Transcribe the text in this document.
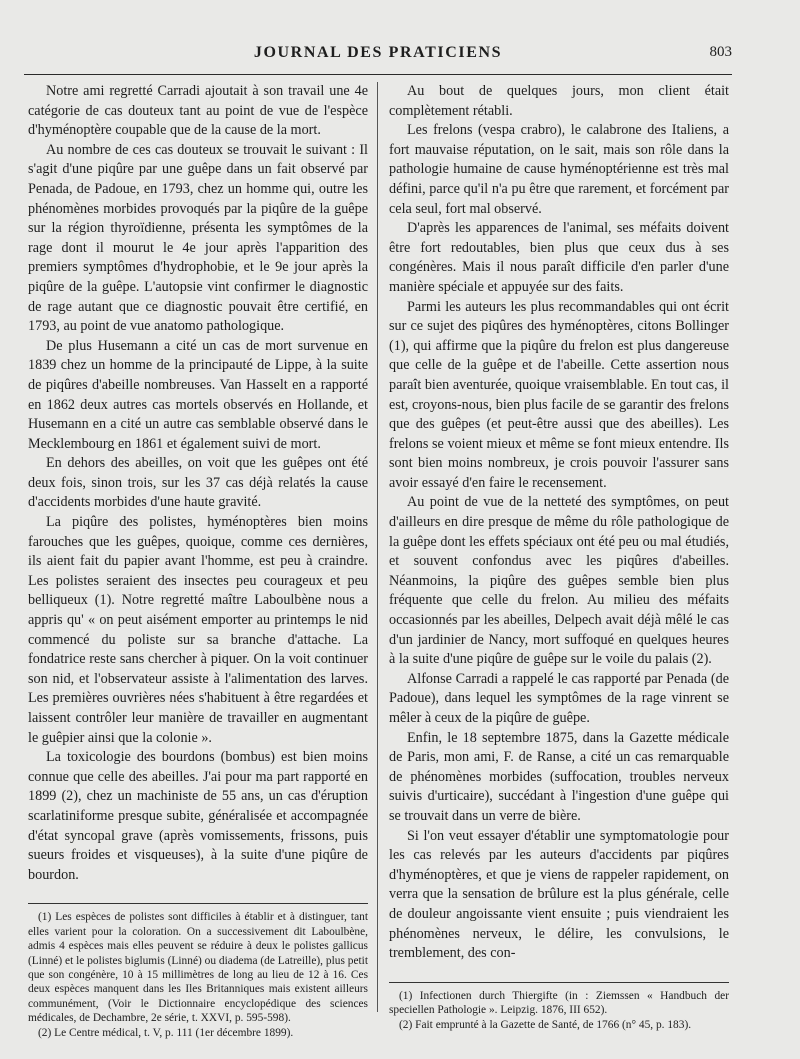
JOURNAL DES PRATICIENS	803

Notre ami regretté Carradi ajoutait à son travail une 4e catégorie de cas douteux tant au point de vue de l'espèce d'hyménoptère coupable que de la cause de la mort.

Au nombre de ces cas douteux se trouvait le suivant : Il s'agit d'une piqûre par une guêpe dans un fait observé par Penada, de Padoue, en 1793, chez un homme qui, outre les phénomènes morbides provoqués par la piqûre de la guêpe sur la région thyroïdienne, présenta les symptômes de la rage dont il mourut le 4e jour après l'apparition des premiers symptômes d'hydrophobie, et le 9e jour après la piqûre de la guêpe. L'autopsie vint confirmer le diagnostic de rage autant que ce diagnostic pouvait être certifié, en 1793, au point de vue anatomo pathologique.

De plus Husemann a cité un cas de mort survenue en 1839 chez un homme de la principauté de Lippe, à la suite de piqûres d'abeille nombreuses. Van Hasselt en a rapporté en 1862 deux autres cas mortels observés en Hollande, et Husemann en a cité un autre cas semblable observé dans le Mecklembourg en 1861 et également suivi de mort.

En dehors des abeilles, on voit que les guêpes ont été deux fois, sinon trois, sur les 37 cas déjà relatés la cause d'accidents morbides d'une haute gravité.

La piqûre des polistes, hyménoptères bien moins farouches que les guêpes, quoique, comme ces dernières, ils aient fait du papier avant l'homme, est peu à craindre. Les polistes seraient des insectes peu courageux et peu belliqueux (1). Notre regretté maître Laboulbène nous a appris qu' « on peut aisément emporter au printemps le nid commencé du poliste sur sa branche d'attache. La fondatrice reste sans chercher à piquer. On la voit continuer son nid, et l'observateur assiste à l'alimentation des larves. Les premières ouvrières nées s'habituent à être regardées et laissent contrôler leur manière de travailler en augmentant le guêpier ainsi que la colonie ».

La toxicologie des bourdons (bombus) est bien moins connue que celle des abeilles. J'ai pour ma part rapporté en 1899 (2), chez un machiniste de 55 ans, un cas d'éruption scarlatiniforme presque subite, généralisée et accompagnée d'état syncopal grave (après vomissements, frissons, puis sueurs froides et visqueuses), à la suite d'une piqûre de bourdon.

(1) Les espèces de polistes sont difficiles à établir et à distinguer, tant elles varient pour la coloration. On a successivement dit Laboulbène, admis 4 espèces mais elles peuvent se réduire à deux le polistes gallicus (Linné) et le polistes biglumis (Linné) ou diadema (de Latreille), plus petit que son congénère, 10 à 15 millimètres de long au lieu de 12 à 16. Ces deux espèces manquent dans les Iles Britanniques mais existent ailleurs communément, (Voir le Dictionnaire encyclopédique des sciences médicales, de Dechambre, 2e série, t. XXVI, p. 595-598).

(2) Le Centre médical, t. V, p. 111 (1er décembre 1899).

Au bout de quelques jours, mon client était complètement rétabli.

Les frelons (vespa crabro), le calabrone des Italiens, a fort mauvaise réputation, on le sait, mais son rôle dans la pathologie humaine de cause hyménoptérienne est très mal défini, parce qu'il n'a pu être que rarement, et forcément par cela seul, fort mal observé.

D'après les apparences de l'animal, ses méfaits doivent être fort redoutables, bien plus que ceux dus à ses congénères. Mais il nous paraît difficile d'en parler d'une manière spéciale et appuyée sur des faits.

Parmi les auteurs les plus recommandables qui ont écrit sur ce sujet des piqûres des hyménoptères, citons Bollinger (1), qui affirme que la piqûre du frelon est plus dangereuse que celle de la guêpe et de l'abeille. Cette assertion nous paraît bien aventurée, quoique vraisemblable. En tout cas, il est, croyons-nous, bien plus facile de se garantir des frelons que des guêpes (et peut-être aussi que des abeilles). Les frelons se voient mieux et même se font mieux entendre. Ils sont bien moins nombreux, je crois pouvoir l'assurer sans avoir essayé d'en faire le recensement.

Au point de vue de la netteté des symptômes, on peut d'ailleurs en dire presque de même du rôle pathologique de la guêpe dont les effets spéciaux ont été peu ou mal étudiés, et souvent confondus avec les piqûres d'abeilles. Néanmoins, la piqûre des guêpes semble bien plus fréquente que celle du frelon. Au milieu des méfaits occasionnés par les abeilles, Delpech avait déjà mêlé le cas d'un jardinier de Nancy, mort suffoqué en quelques heures à la suite d'une piqûre de guêpe sur le voile du palais (2).

Alfonse Carradi a rappelé le cas rapporté par Penada (de Padoue), dans lequel les symptômes de la rage vinrent se mêler à ceux de la piqûre de guêpe.

Enfin, le 18 septembre 1875, dans la Gazette médicale de Paris, mon ami, F. de Ranse, a cité un cas remarquable de phénomènes morbides (suffocation, troubles nerveux suivis d'urticaire), succédant à l'ingestion d'une guêpe qui se trouvait dans un verre de bière.

Si l'on veut essayer d'établir une symptomatologie pour les cas relevés par les auteurs d'accidents par piqûres d'hyménoptères, et que je viens de rappeler rapidement, on verra que la sensation de brûlure est la plus générale, celle de douleur angoissante vient ensuite ; puis viendraient les phénomènes nerveux, le délire, les convulsions, le tremblement, des con-

(1) Infectionen durch Thiergifte (in : Ziemssen « Handbuch der speciellen Pathologie ». Leipzig. 1876, III 652).

(2) Fait emprunté à la Gazette de Santé, de 1766 (n° 45, p. 183).
